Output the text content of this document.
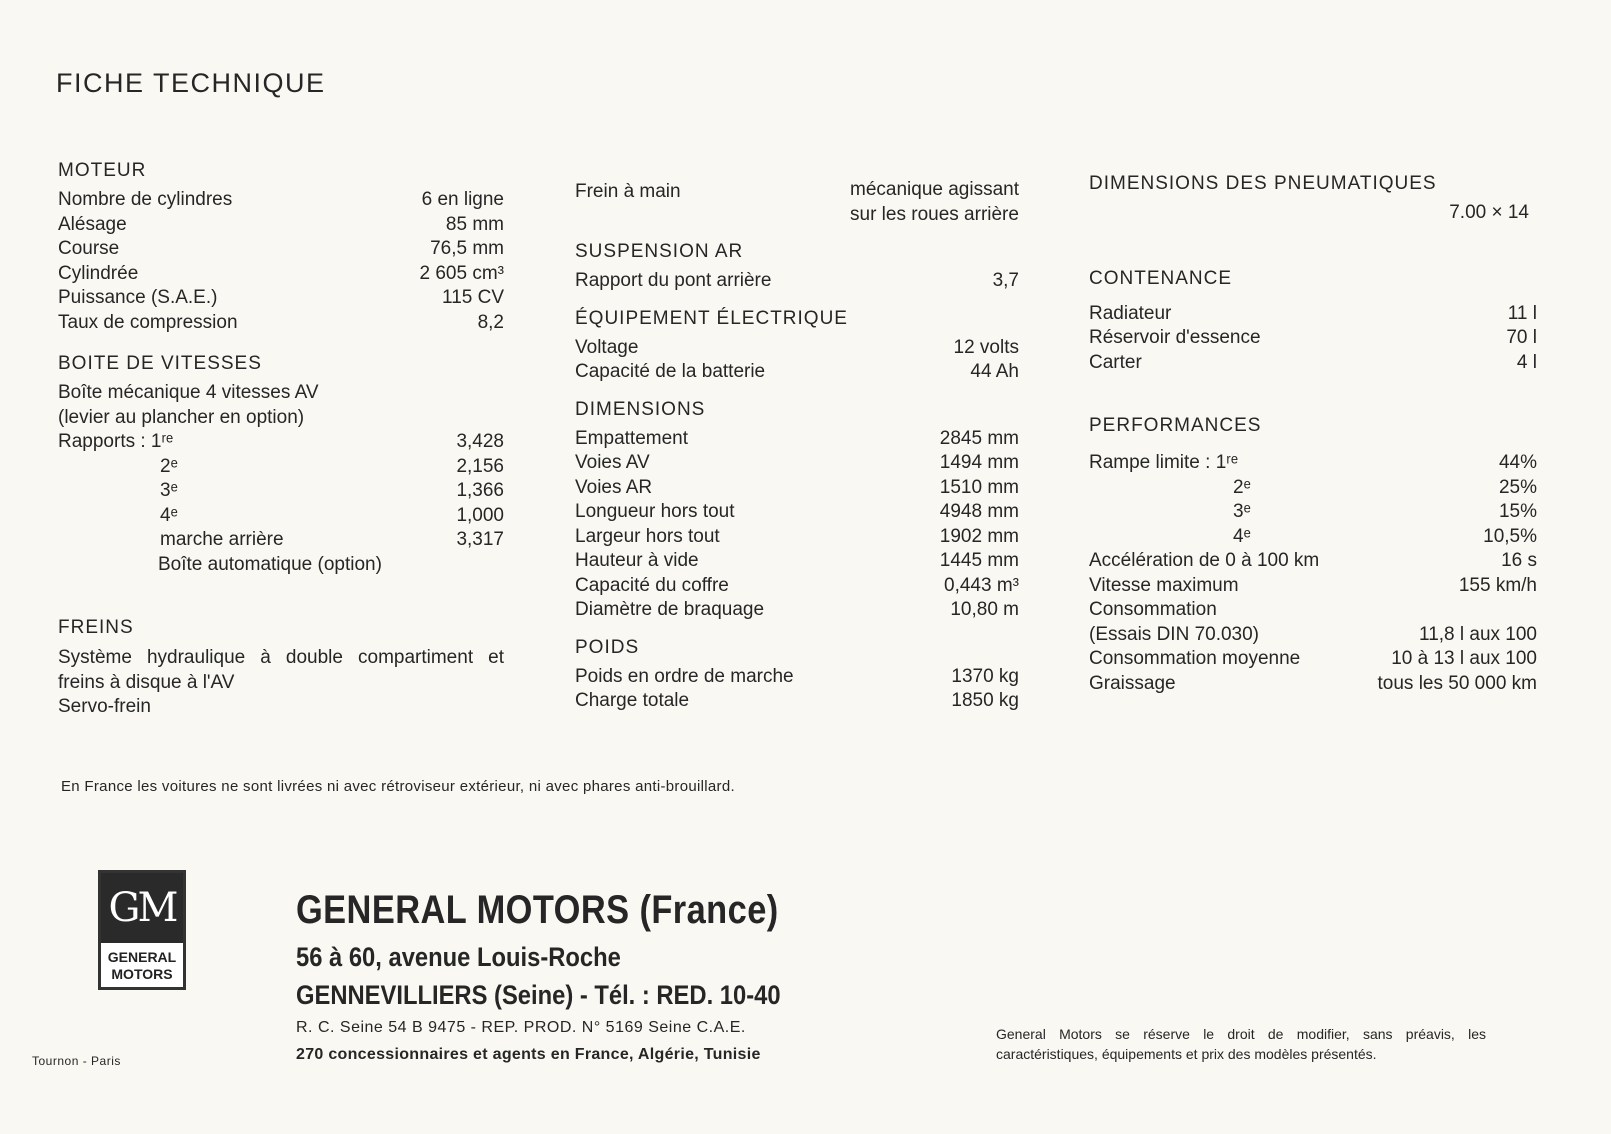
FICHE TECHNIQUE
MOTEUR
Nombre de cylindres	6 en ligne
Alésage	85 mm
Course	76,5 mm
Cylindrée	2 605 cm³
Puissance (S.A.E.)	115 CV
Taux de compression	8,2
BOITE DE VITESSES
Boîte mécanique 4 vitesses AV
(levier au plancher en option)
Rapports : 1ʳᵉ	3,428
2ᵉ	2,156
3ᵉ	1,366
4ᵉ	1,000
marche arrière	3,317
Boîte automatique (option)
FREINS
Système hydraulique à double compartiment et freins à disque à l'AV
Servo-frein
Frein à main	mécanique agissant
sur les roues arrière
SUSPENSION AR
Rapport du pont arrière	3,7
ÉQUIPEMENT ÉLECTRIQUE
Voltage	12 volts
Capacité de la batterie	44 Ah
DIMENSIONS
Empattement	2845 mm
Voies AV	1494 mm
Voies AR	1510 mm
Longueur hors tout	4948 mm
Largeur hors tout	1902 mm
Hauteur à vide	1445 mm
Capacité du coffre	0,443 m³
Diamètre de braquage	10,80 m
POIDS
Poids en ordre de marche	1370 kg
Charge totale	1850 kg
DIMENSIONS DES PNEUMATIQUES
7.00 × 14
CONTENANCE
Radiateur	11 l
Réservoir d'essence	70 l
Carter	4 l
PERFORMANCES
Rampe limite : 1ʳᵉ	44%
2ᵉ	25%
3ᵉ	15%
4ᵉ	10,5%
Accélération de 0 à 100 km	16 s
Vitesse maximum	155 km/h
Consommation
(Essais DIN 70.030)	11,8 l aux 100
Consommation moyenne	10 à 13 l aux 100
Graissage	tous les 50 000 km
En France les voitures ne sont livrées ni avec rétroviseur extérieur, ni avec phares anti-brouillard.
GM
GENERAL
MOTORS
GENERAL MOTORS (France)
56 à 60, avenue Louis-Roche
GENNEVILLIERS (Seine) - Tél. : RED. 10-40
R. C. Seine 54 B 9475 - REP. PROD. N° 5169 Seine C.A.E.
270 concessionnaires et agents en France, Algérie, Tunisie
Tournon - Paris
General Motors se réserve le droit de modifier, sans préavis, les caractéristiques, équipements et prix des modèles présentés.
